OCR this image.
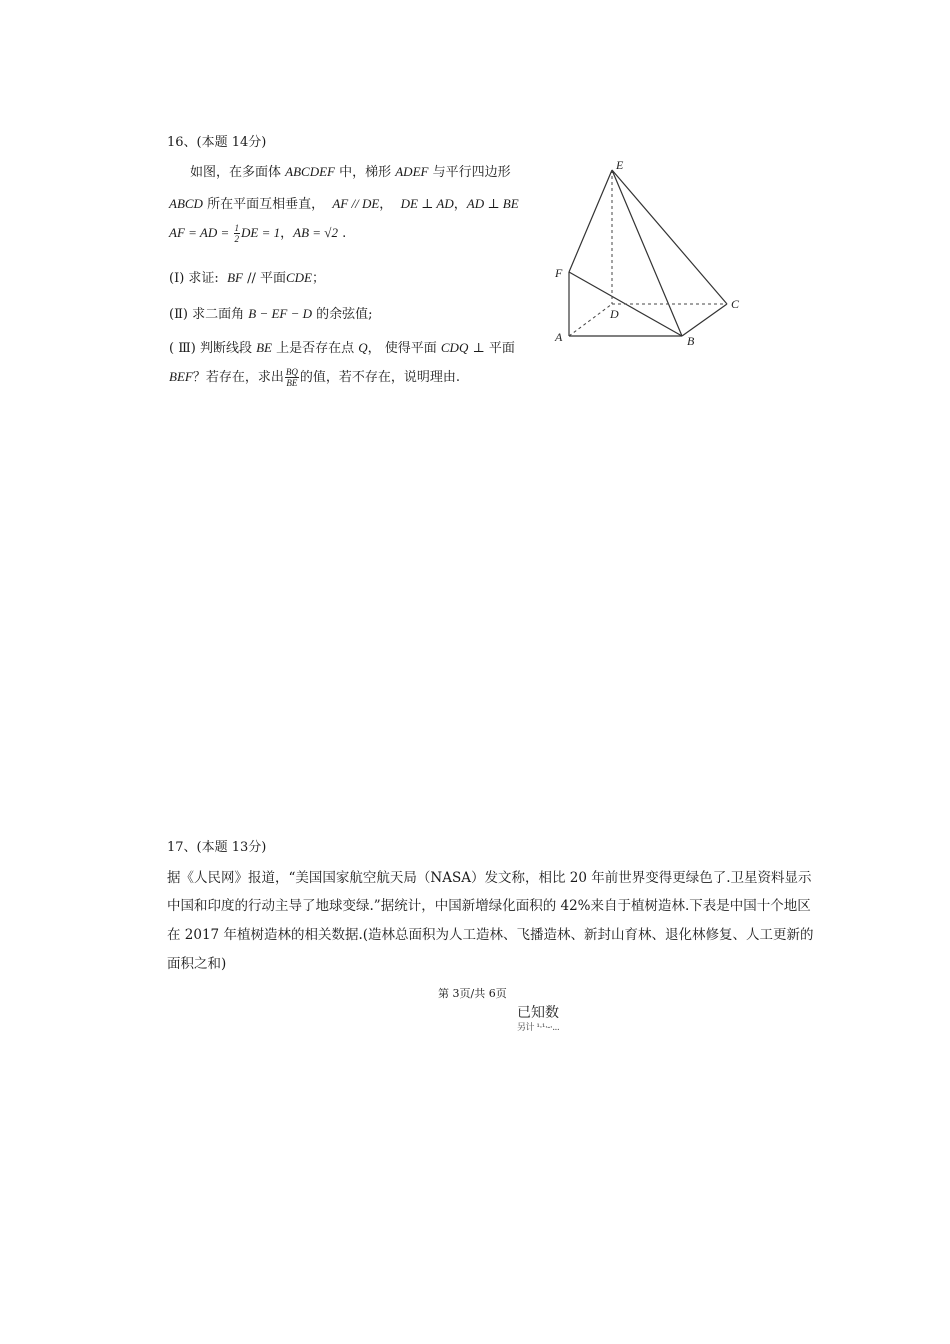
16、(本题 14分)
如图，在多面体 ABCDEF 中，梯形 ADEF 与平行四边形
ABCD 所在平面互相垂直， AF // DE， DE ⊥ AD，AD ⊥ BE
AF = AD = $\frac{1}{2}$ DE = 1，AB = √2 .
(Ⅰ) 求证:  BF // 平面CDE；
(Ⅱ) 求二面角 B − EF − D 的余弦值;
( Ⅲ) 判断线段 BE 上是否存在点 Q， 使得平面 CDQ ⊥ 平面
BEF？若存在，求出 $\frac{BQ}{BE}$ 的值，若不存在，说明理由.
E
F
D
C
A	B
17、(本题 13分)
据《人民网》报道，“美国国家航空航天局（NASA）发文称，相比 20 年前世界变得更绿色了.卫星资料显示
中国和印度的行动主导了地球变绿.”据统计，中国新增绿化面积的 42%来自于植树造林.下表是中国十个地区
在 2017 年植树造林的相关数据.(造林总面积为人工造林、飞播造林、新封山育林、退化林修复、人工更新的
面积之和)
第 3页/共 6页
已知数
另计 ¹·¹·-·...
